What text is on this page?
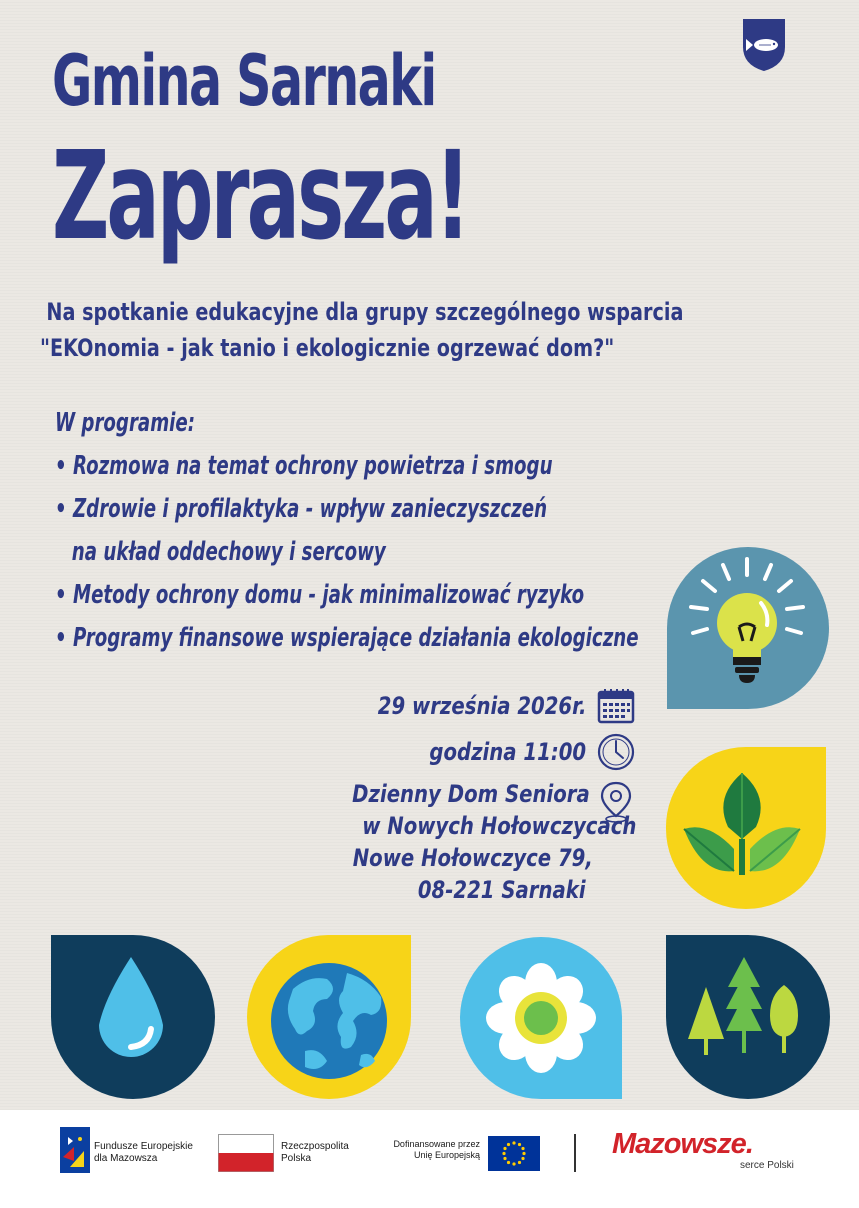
Gmina Sarnaki
Zaprasza!
Na spotkanie edukacyjne dla grupy szczególnego wsparcia
"EKOnomia - jak tanio i ekologicznie ogrzewać dom?"
W programie:
• Rozmowa na temat ochrony powietrza i smogu
• Zdrowie i profilaktyka - wpływ zanieczyszczeń
na układ oddechowy i sercowy
• Metody ochrony domu - jak minimalizować ryzyko
• Programy finansowe wspierające działania ekologiczne
29 września 2026r.
godzina 11:00
Dzienny Dom Seniora
w Nowych Hołowczycach
Nowe Hołowczyce 79,
08-221 Sarnaki
Fundusze Europejskie
dla Mazowsza
Rzeczpospolita
Polska
Dofinansowane przez
Unię Europejską	Mazowsze.
serce Polski
